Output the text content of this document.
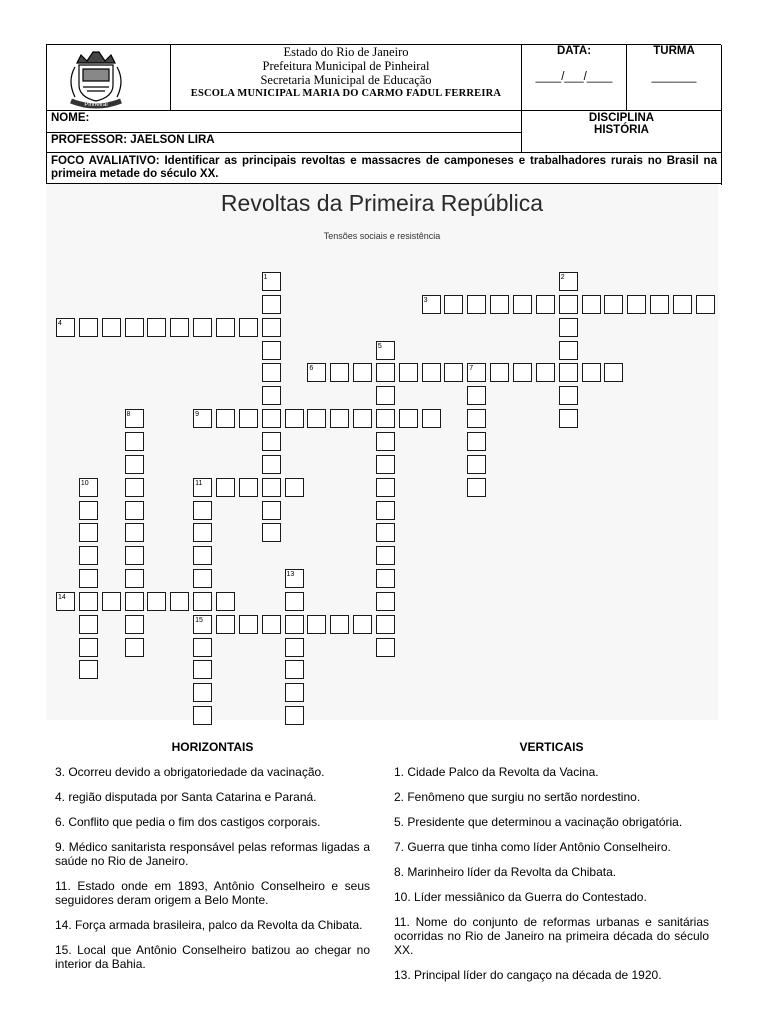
Pinheiral
Estado do Rio de Janeiro
Prefeitura Municipal de Pinheiral
Secretaria Municipal de Educação
ESCOLA MUNICIPAL MARIA DO CARMO FADUL FERREIRA
DATA:
____/___/____
TURMA
_______
NOME:
PROFESSOR: JAELSON LIRA
DISCIPLINA
HISTÓRIA
FOCO AVALIATIVO: Identificar as principais revoltas e massacres de camponeses e trabalhadores rurais no Brasil na primeira metade do século XX.
Revoltas da Primeira República
Tensões sociais e resistência
1	2
3
4
5
6	7
8	9
10	11
13
14
15
HORIZONTAIS

3. Ocorreu devido a obrigatoriedade da vacinação.

4. região disputada por Santa Catarina e Paraná.

6. Conflito que pedia o fim dos castigos corporais.

9. Médico sanitarista responsável pelas reformas ligadas a saúde no Rio de Janeiro.

11. Estado onde em 1893, Antônio Conselheiro e seus seguidores deram origem a Belo Monte.

14. Força armada brasileira, palco da Revolta da Chibata.

15. Local que Antônio Conselheiro batizou ao chegar no interior da Bahia.

VERTICAIS

1. Cidade Palco da Revolta da Vacina.

2. Fenômeno que surgiu no sertão nordestino.

5. Presidente que determinou a vacinação obrigatória.

7. Guerra que tinha como líder Antônio Conselheiro.

8. Marinheiro líder da Revolta da Chibata.

10. Líder messiânico da Guerra do Contestado.

11. Nome do conjunto de reformas urbanas e sanitárias ocorridas no Rio de Janeiro na primeira década do século XX.

13. Principal líder do cangaço na década de 1920.
